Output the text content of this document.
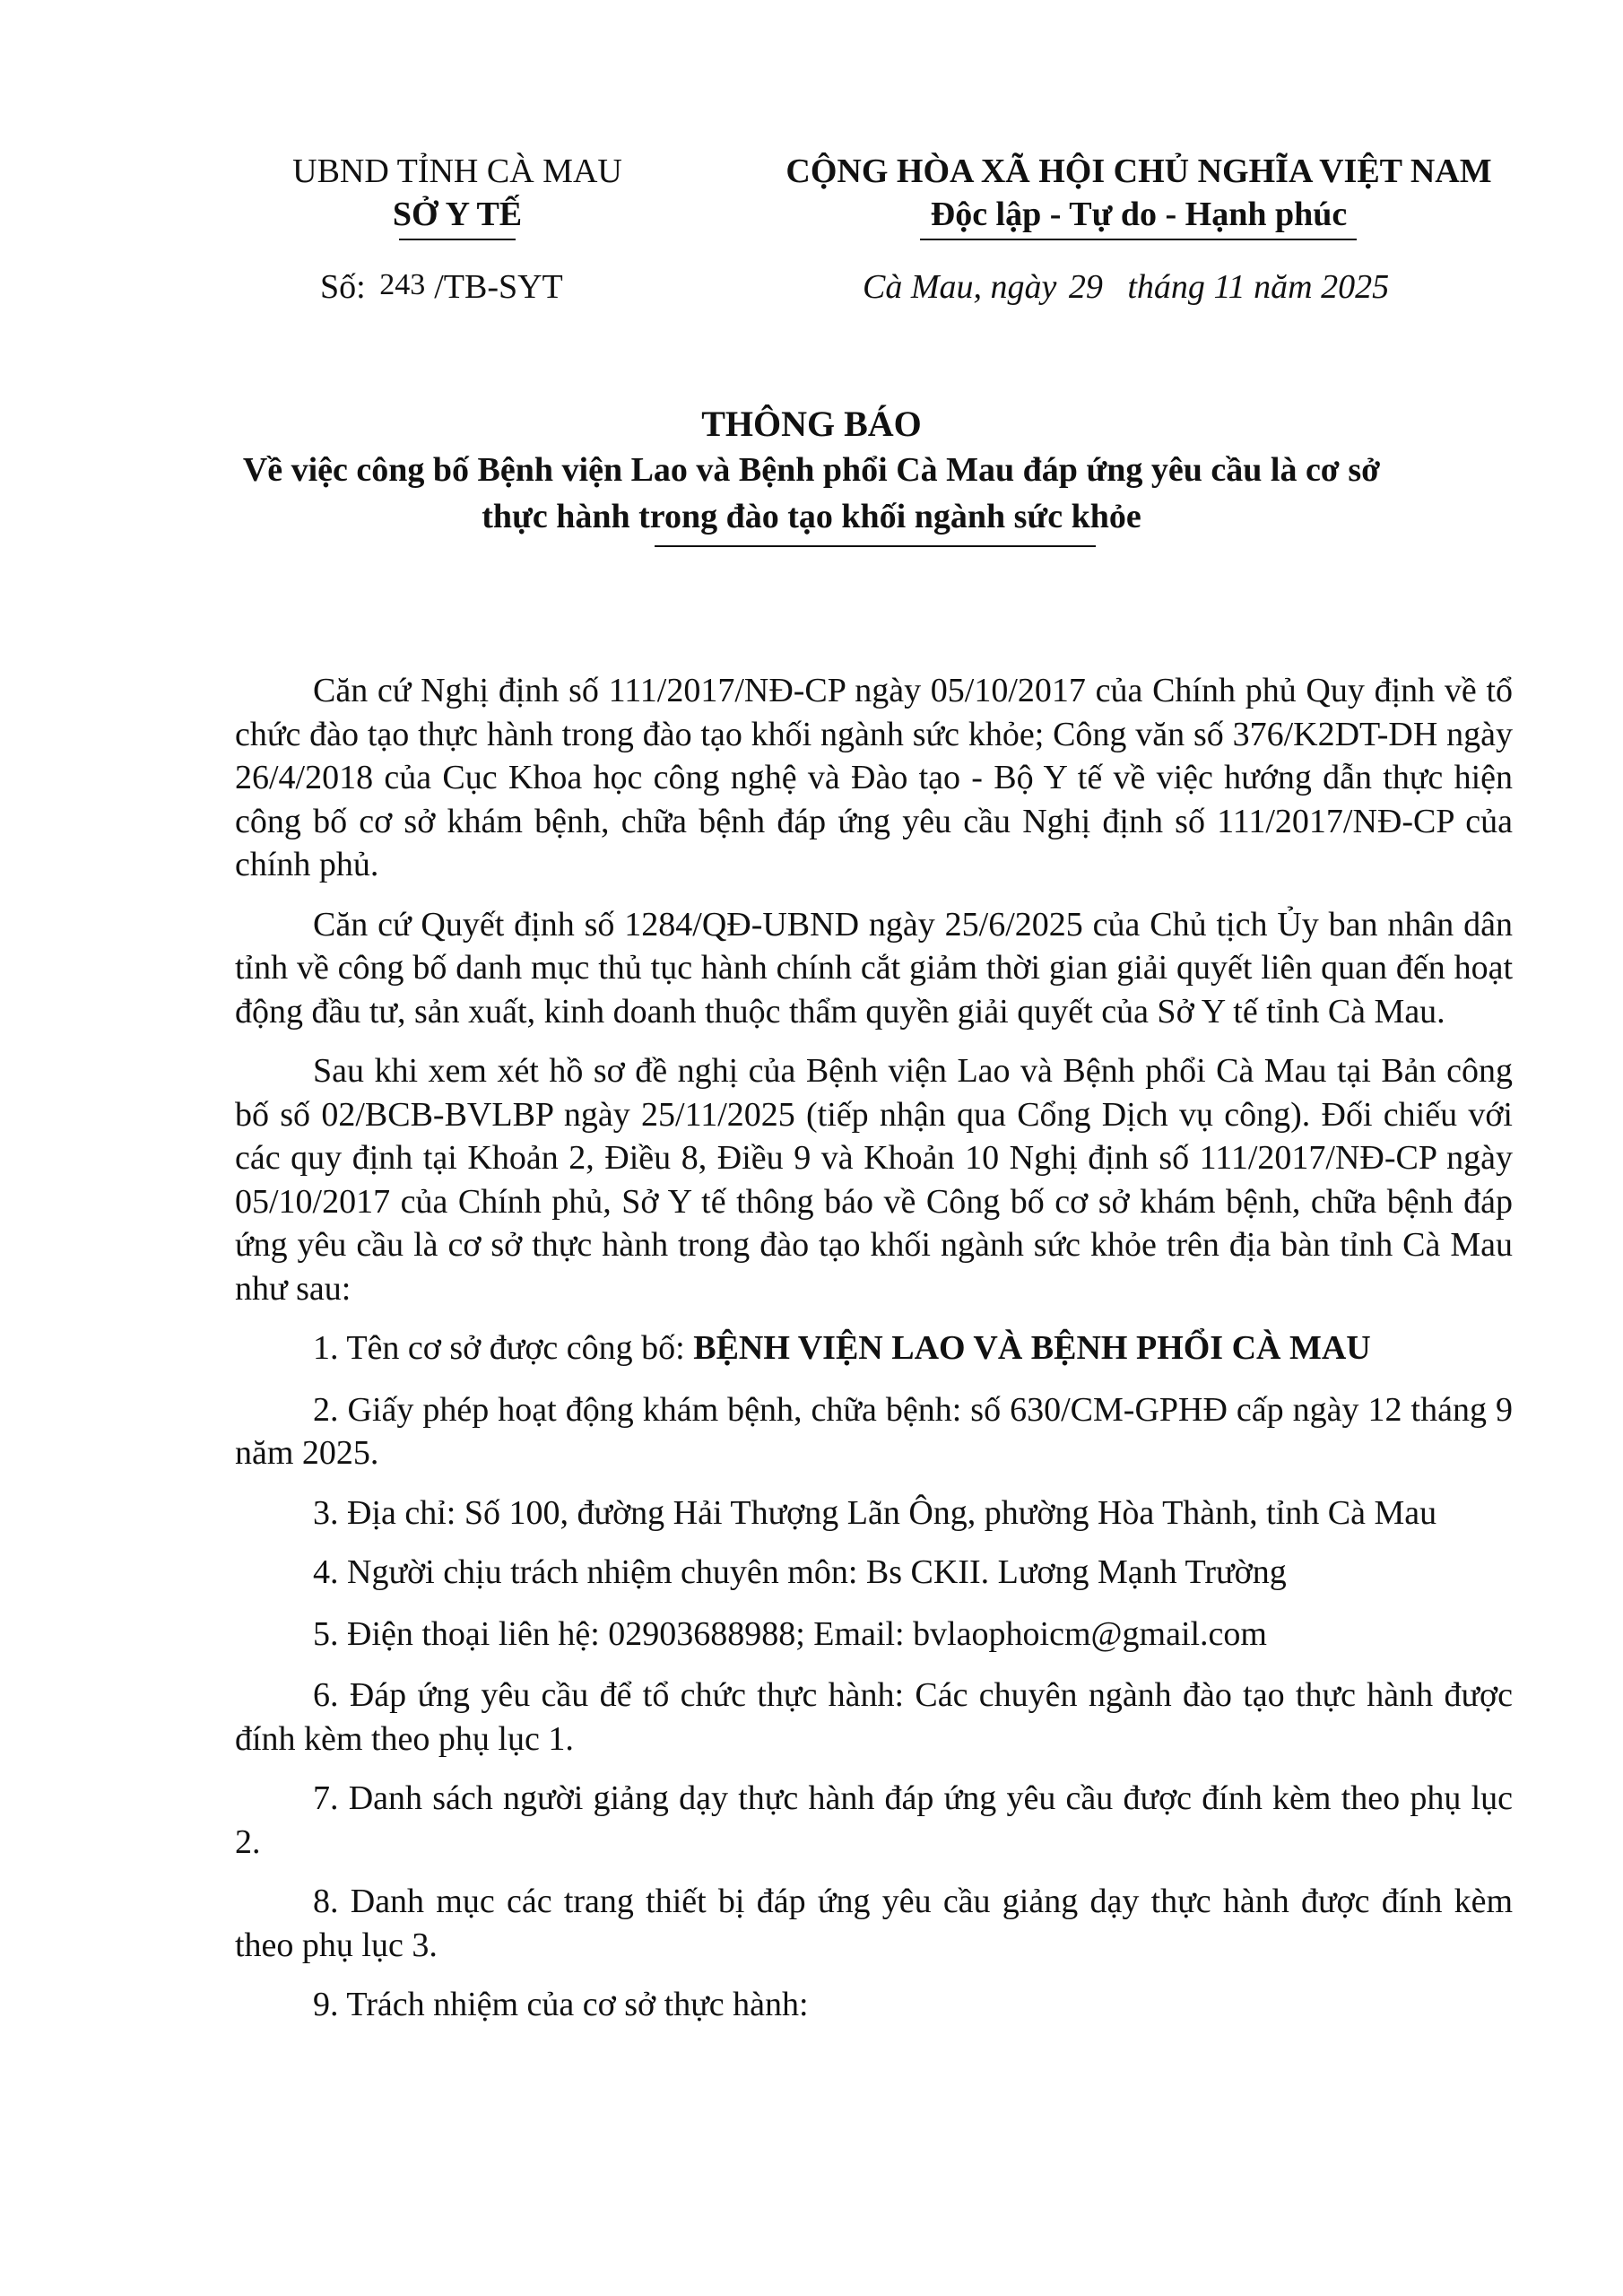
UBND TỈNH CÀ MAU
SỞ Y TẾ
Số: 243 /TB-SYT
CỘNG HÒA XÃ HỘI CHỦ NGHĨA VIỆT NAM
Độc lập - Tự do - Hạnh phúc
Cà Mau, ngày 29 tháng 11 năm 2025
THÔNG BÁO
Về việc công bố Bệnh viện Lao và Bệnh phổi Cà Mau đáp ứng yêu cầu là cơ sở
thực hành trong đào tạo khối ngành sức khỏe

Căn cứ Nghị định số 111/2017/NĐ-CP ngày 05/10/2017 của Chính phủ Quy định về tổ chức đào tạo thực hành trong đào tạo khối ngành sức khỏe; Công văn số 376/K2DT-DH ngày 26/4/2018 của Cục Khoa học công nghệ và Đào tạo - Bộ Y tế về việc hướng dẫn thực hiện công bố cơ sở khám bệnh, chữa bệnh đáp ứng yêu cầu Nghị định số 111/2017/NĐ-CP của chính phủ.

Căn cứ Quyết định số 1284/QĐ-UBND ngày 25/6/2025 của Chủ tịch Ủy ban nhân dân tỉnh về công bố danh mục thủ tục hành chính cắt giảm thời gian giải quyết liên quan đến hoạt động đầu tư, sản xuất, kinh doanh thuộc thẩm quyền giải quyết của Sở Y tế tỉnh Cà Mau.

Sau khi xem xét hồ sơ đề nghị của Bệnh viện Lao và Bệnh phổi Cà Mau tại Bản công bố số 02/BCB-BVLBP ngày 25/11/2025 (tiếp nhận qua Cổng Dịch vụ công). Đối chiếu với các quy định tại Khoản 2, Điều 8, Điều 9 và Khoản 10 Nghị định số 111/2017/NĐ-CP ngày 05/10/2017 của Chính phủ, Sở Y tế thông báo về Công bố cơ sở khám bệnh, chữa bệnh đáp ứng yêu cầu là cơ sở thực hành trong đào tạo khối ngành sức khỏe trên địa bàn tỉnh Cà Mau như sau:

1. Tên cơ sở được công bố: BỆNH VIỆN LAO VÀ BỆNH PHỔI CÀ MAU

2. Giấy phép hoạt động khám bệnh, chữa bệnh: số 630/CM-GPHĐ cấp ngày 12 tháng 9 năm 2025.

3. Địa chỉ: Số 100, đường Hải Thượng Lãn Ông, phường Hòa Thành, tỉnh Cà Mau

4. Người chịu trách nhiệm chuyên môn: Bs CKII. Lương Mạnh Trường

5. Điện thoại liên hệ: 02903688988; Email: bvlaophoicm@gmail.com

6. Đáp ứng yêu cầu để tổ chức thực hành: Các chuyên ngành đào tạo thực hành được đính kèm theo phụ lục 1.

7. Danh sách người giảng dạy thực hành đáp ứng yêu cầu được đính kèm theo phụ lục 2.

8. Danh mục các trang thiết bị đáp ứng yêu cầu giảng dạy thực hành được đính kèm theo phụ lục 3.

9. Trách nhiệm của cơ sở thực hành:
